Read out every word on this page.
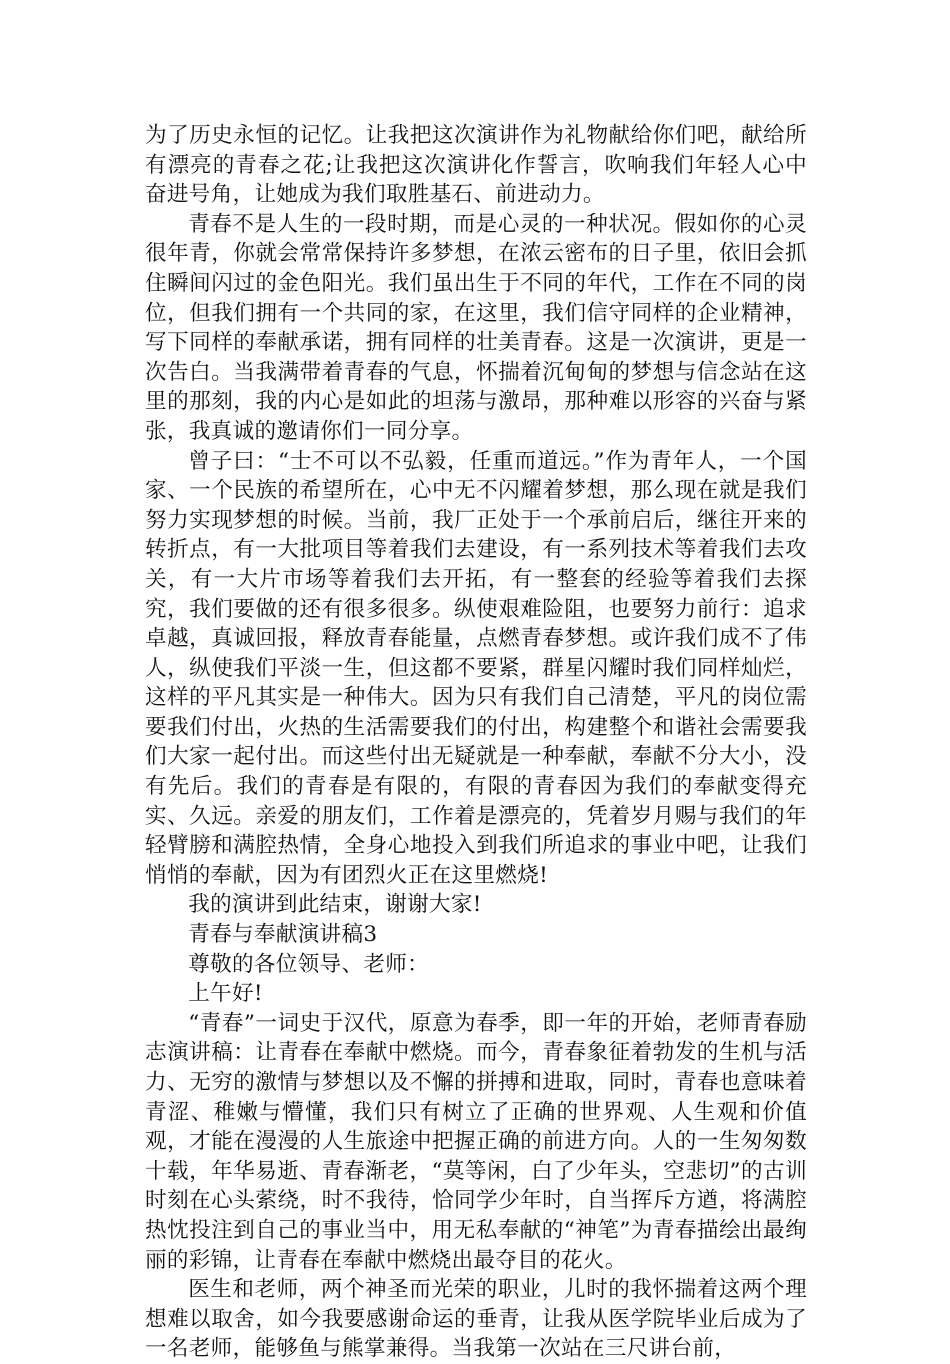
为了历史永恒的记忆。让我把这次演讲作为礼物献给你们吧，献给所有漂亮的青春之花;让我把这次演讲化作誓言，吹响我们年轻人心中奋进号角，让她成为我们取胜基石、前进动力。

青春不是人生的一段时期，而是心灵的一种状况。假如你的心灵很年青，你就会常常保持许多梦想，在浓云密布的日子里，依旧会抓住瞬间闪过的金色阳光。我们虽出生于不同的年代，工作在不同的岗位，但我们拥有一个共同的家，在这里，我们信守同样的企业精神，写下同样的奉献承诺，拥有同样的壮美青春。这是一次演讲，更是一次告白。当我满带着青春的气息，怀揣着沉甸甸的梦想与信念站在这里的那刻，我的内心是如此的坦荡与激昂，那种难以形容的兴奋与紧张，我真诚的邀请你们一同分享。

曾子曰：“士不可以不弘毅，任重而道远。”作为青年人，一个国家、一个民族的希望所在，心中无不闪耀着梦想，那么现在就是我们努力实现梦想的时候。当前，我厂正处于一个承前启后，继往开来的转折点，有一大批项目等着我们去建设，有一系列技术等着我们去攻关，有一大片市场等着我们去开拓，有一整套的经验等着我们去探究，我们要做的还有很多很多。纵使艰难险阻，也要努力前行：追求卓越，真诚回报，释放青春能量，点燃青春梦想。或许我们成不了伟人，纵使我们平淡一生，但这都不要紧，群星闪耀时我们同样灿烂，这样的平凡其实是一种伟大。因为只有我们自己清楚，平凡的岗位需要我们付出，火热的生活需要我们的付出，构建整个和谐社会需要我们大家一起付出。而这些付出无疑就是一种奉献，奉献不分大小，没有先后。我们的青春是有限的，有限的青春因为我们的奉献变得充实、久远。亲爱的朋友们，工作着是漂亮的，凭着岁月赐与我们的年轻臂膀和满腔热情，全身心地投入到我们所追求的事业中吧，让我们悄悄的奉献，因为有团烈火正在这里燃烧!

我的演讲到此结束，谢谢大家!

青春与奉献演讲稿3

尊敬的各位领导、老师：

上午好!

“青春”一词史于汉代，原意为春季，即一年的开始，老师青春励志演讲稿：让青春在奉献中燃烧。而今，青春象征着勃发的生机与活力、无穷的激情与梦想以及不懈的拼搏和进取，同时，青春也意味着青涩、稚嫩与懵懂，我们只有树立了正确的世界观、人生观和价值观，才能在漫漫的人生旅途中把握正确的前进方向。人的一生匆匆数十载，年华易逝、青春渐老，“莫等闲，白了少年头，空悲切”的古训时刻在心头萦绕，时不我待，恰同学少年时，自当挥斥方遒，将满腔热忱投注到自己的事业当中，用无私奉献的“神笔”为青春描绘出最绚丽的彩锦，让青春在奉献中燃烧出最夺目的花火。

医生和老师，两个神圣而光荣的职业，儿时的我怀揣着这两个理想难以取舍，如今我要感谢命运的垂青，让我从医学院毕业后成为了一名老师，能够鱼与熊掌兼得。当我第一次站在三尺讲台前，
